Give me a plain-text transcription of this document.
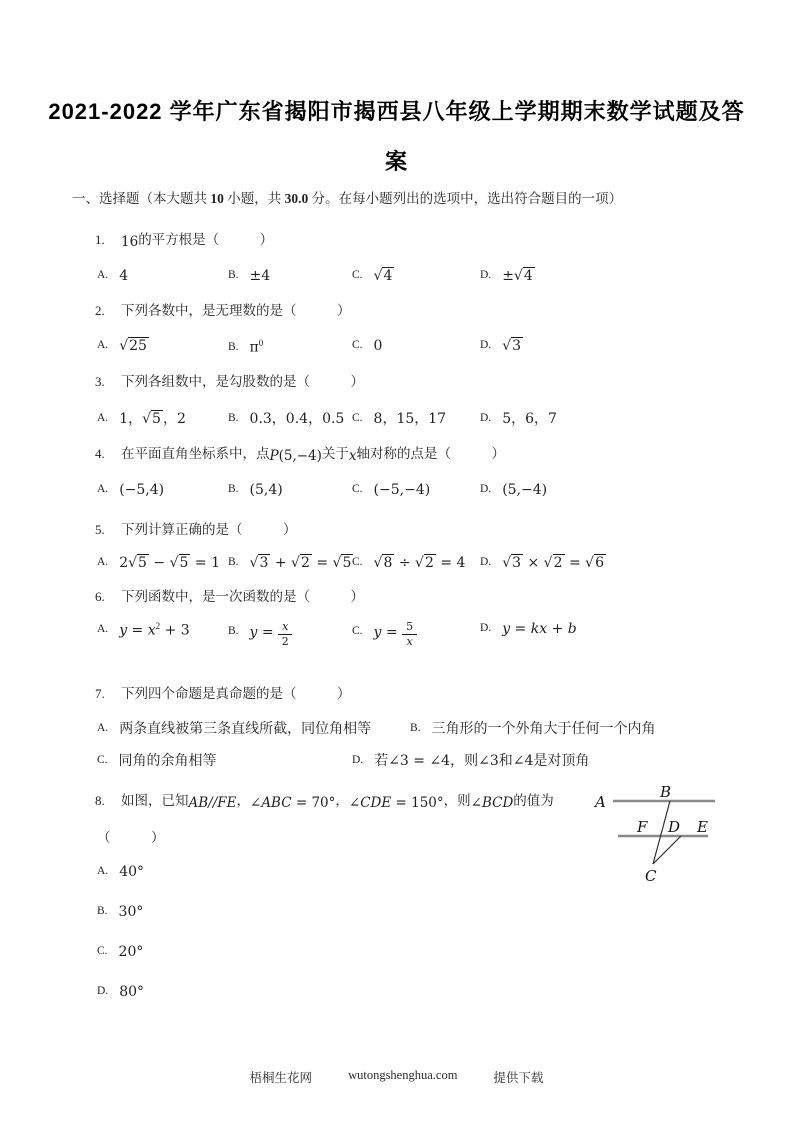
2021-2022 学年广东省揭阳市揭西县八年级上学期期末数学试题及答
案
一、选择题（本大题共 10 小题，共 30.0 分。在每小题列出的选项中，选出符合题目的一项）
1. 16的平方根是（　　　）
A. 4	B. ±4	C. √4	D. ±√4
2. 下列各数中，是无理数的是（　　　）
A. √25	B. $\pi^0$	C. 0	D. √3
3. 下列各组数中，是勾股数的是（　　　）
A. 1，√5 ，2	B. 0.3，0.4，0.5 C. 8，15，17	D. 5，6，7
4. 在平面直角坐标系中，点P(5,−4)关于x轴对称的点是（　　　）
A. (−5,4)	B. (5,4)	C. (−5,−4)	D. (5,−4)
5. 下列计算正确的是（　　　）
A. 2√5 − √5 = 1 B. √3 + √2 = √5 C. √8 ÷ √2 = 4 D. √3 × √2 = √6
6. 下列函数中，是一次函数的是（　　　）
A. $y = x^2 + 3$	B. $y = \frac{x}{2}$	C. $y = \frac{5}{x}$	D. y = kx + b
7. 下列四个命题是真命题的是（　　　）
A. 两条直线被第三条直线所截，同位角相等	B. 三角形的一个外角大于任何一个内角
C. 同角的余角相等	D. 若∠3 = ∠4，则∠3和∠4是对顶角
8. 如图，已知AB//FE，∠ABC = 70°，∠CDE = 150°，则∠BCD的值为	A
B
F D E
C
（　　　）
A. 40°
B. 30°
C. 20°
D. 80°
梧桐生花网	wutongshenghua.com	提供下载
